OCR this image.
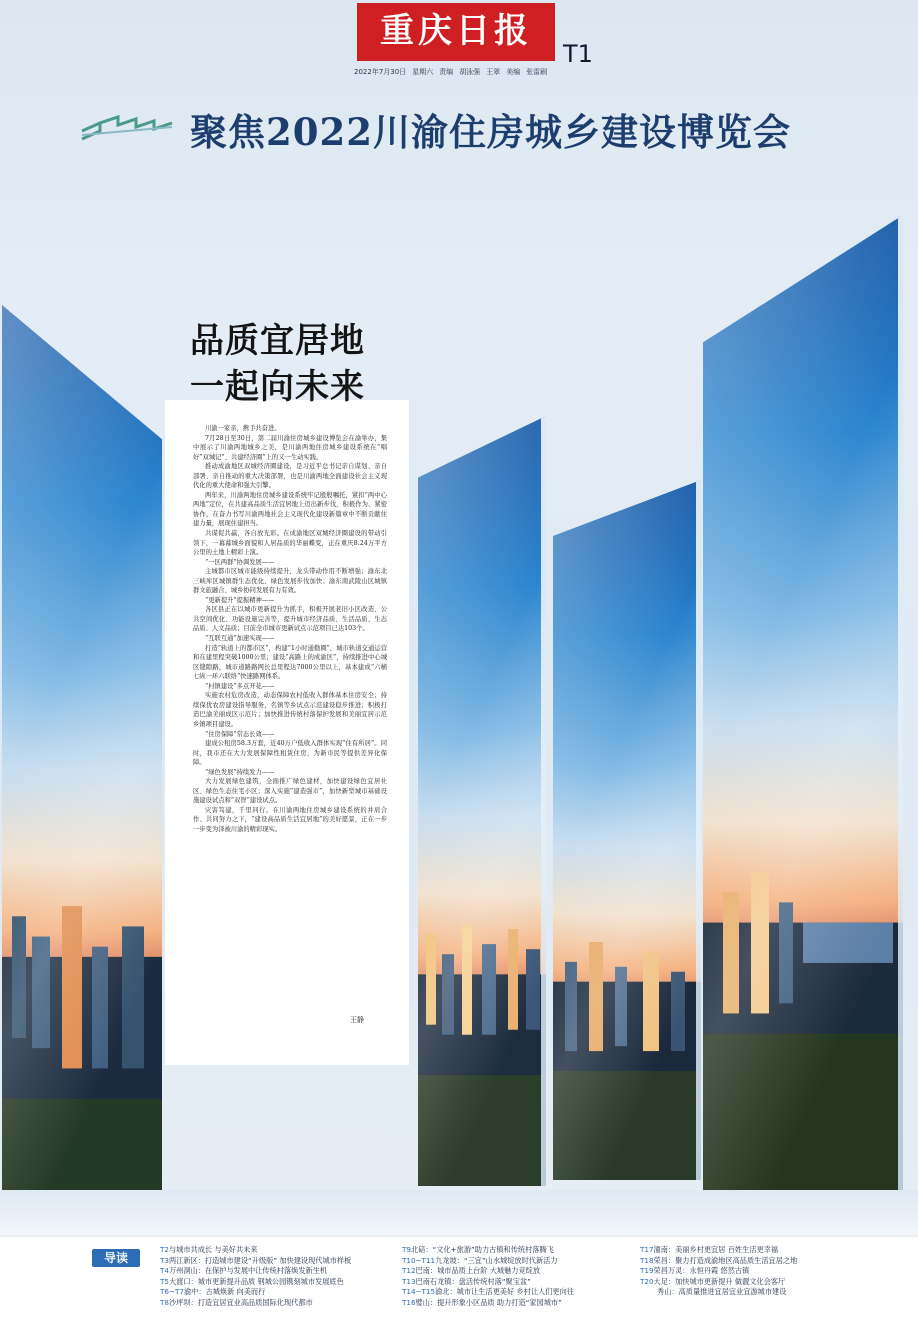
重庆日报
T1
2022年7月30日 星期六 责编 胡泳强 王翠 美编 张雷刷
聚焦2022川渝住房城乡建设博览会
品质宜居地
一起向未来

川渝一家亲，携手共奋进。

7月28日至30日，第二届川渝住房城乡建设博览会在渝举办，集中展示了川渝两地城乡之美，是川渝两地住房城乡建设系统在“唱好”双城记”、共建经济圈”上的又一生动实践。

推动成渝地区双城经济圈建设，是习近平总书记亲自谋划、亲自部署、亲自推动的重大决策部署，也是川渝两地全面建设社会主义现代化的重大使命和强大引擎。

两年来，川渝两地住房城乡建设系统牢记殷殷嘱托，紧扣“两中心两地”定位，在共建高品质生活宜居地上迈出新步伐，积极作为、紧密协作，在奋力书写川渝两地社会主义现代化建设新篇章中不断贡献住建力量，展现住建担当。

共谋促共赢，各自放光彩。在成渝地区双城经济圈建设的带动引领下，一幕幕城乡面貌和人居品质的华丽蝶变，正在重庆8.24万平方公里的土地上精彩上演。

“一区两群”协调发展——

主城都市区城市能级持续提升，龙头带动作用不断增强；渝东北三峡库区城镇群生态优化、绿色发展步伐加快；渝东南武陵山区城镇群文旅融合、城乡协同发展有力有效。

“更新提升”提振精神——

各区县正在以城市更新提升为抓手，积极开展老旧小区改造、公共空间优化、功能设施完善等，提升城市经济品质、生活品质、生态品质、人文品质；目前全市城市更新试点示范项目已达103个。

“互联互通”加速实现——

打造“轨道上的都市区”，构建“1小时通勤圈”，城市轨道交通运营和在建里程突破1000公里；建设“高路上的成渝区”，持续推进中心城区缝隙路，城市道路路网长总里程达7000公里以上，基本建成“六横七纵一环六联络”快速路网体系。

“村镇建设”多点开花——

实施农村危房改造，动态保障农村低收入群体基本住房安全；持续保优农房建设指导服务，名镇等乡试点示范建设稳步推进；积极打造巴渝美丽成区示范片；加快推进传统村落保护发展和美丽宜居示范乡镇项目建设。

“住房保障”常态长效——

建成公租房58.3万套，近40万户低收入群体实现“住有所居”。同时，我市还在大力发展保障性租赁住房，为新市民等提供差异化保障。

“绿色发展”持续发力——

大力发展绿色建筑，全面推广绿色建材，加快建设绿色宜居社区、绿色生态住宅小区；深入实施“建造强市”，加快新型城市基础设施建设试点和“双智”建设试点。

灾害笃建，千里同行。在川渝两地住房城乡建设系统的并肩合作、共同努力之下，“建设高品质生活宜居地”的美好愿景，正在一步一步变为泽被川渝的精彩现实。

王静
导读
T2与城市共成长 与美好共未来
T3两江新区：打造城市建设“升级版” 加快建设现代城市样板
T4万州洞山：在保护与发展中让传统村落焕发新生机
T5大渡口：城市更新提升品质 钢城公园镌刻城市发展底色
T6~T7渝中：古城焕新 向美而行
T8沙坪坝：打造宜居宜业高品质国际化现代都市
T9北碚：“文化+旅游”助力古镇和传统村落腾飞
T10~T11九龙坡：“三宜”山水城绽放时代新活力
T12巴南：城市品质上台阶 大城魅力竞绽放
T13巴南石龙镇：盘活传统村落“聚宝盆”
T14~T15渝北：城市让生活更美好 乡村让人们更向往
T16璧山：提升形象小区品质 助力打造“家园城市”
T17潼南：美丽乡村更宜居 百姓生活更幸福
T18荣昌：聚力打造成渝地区高品质生活宜居之地
T19荣昌万灵：永恒丹霞 悠然古镇
T20大足：加快城市更新提升 做靓文化会客厅
秀山：高质量推进宜居宜业宜游城市建设
